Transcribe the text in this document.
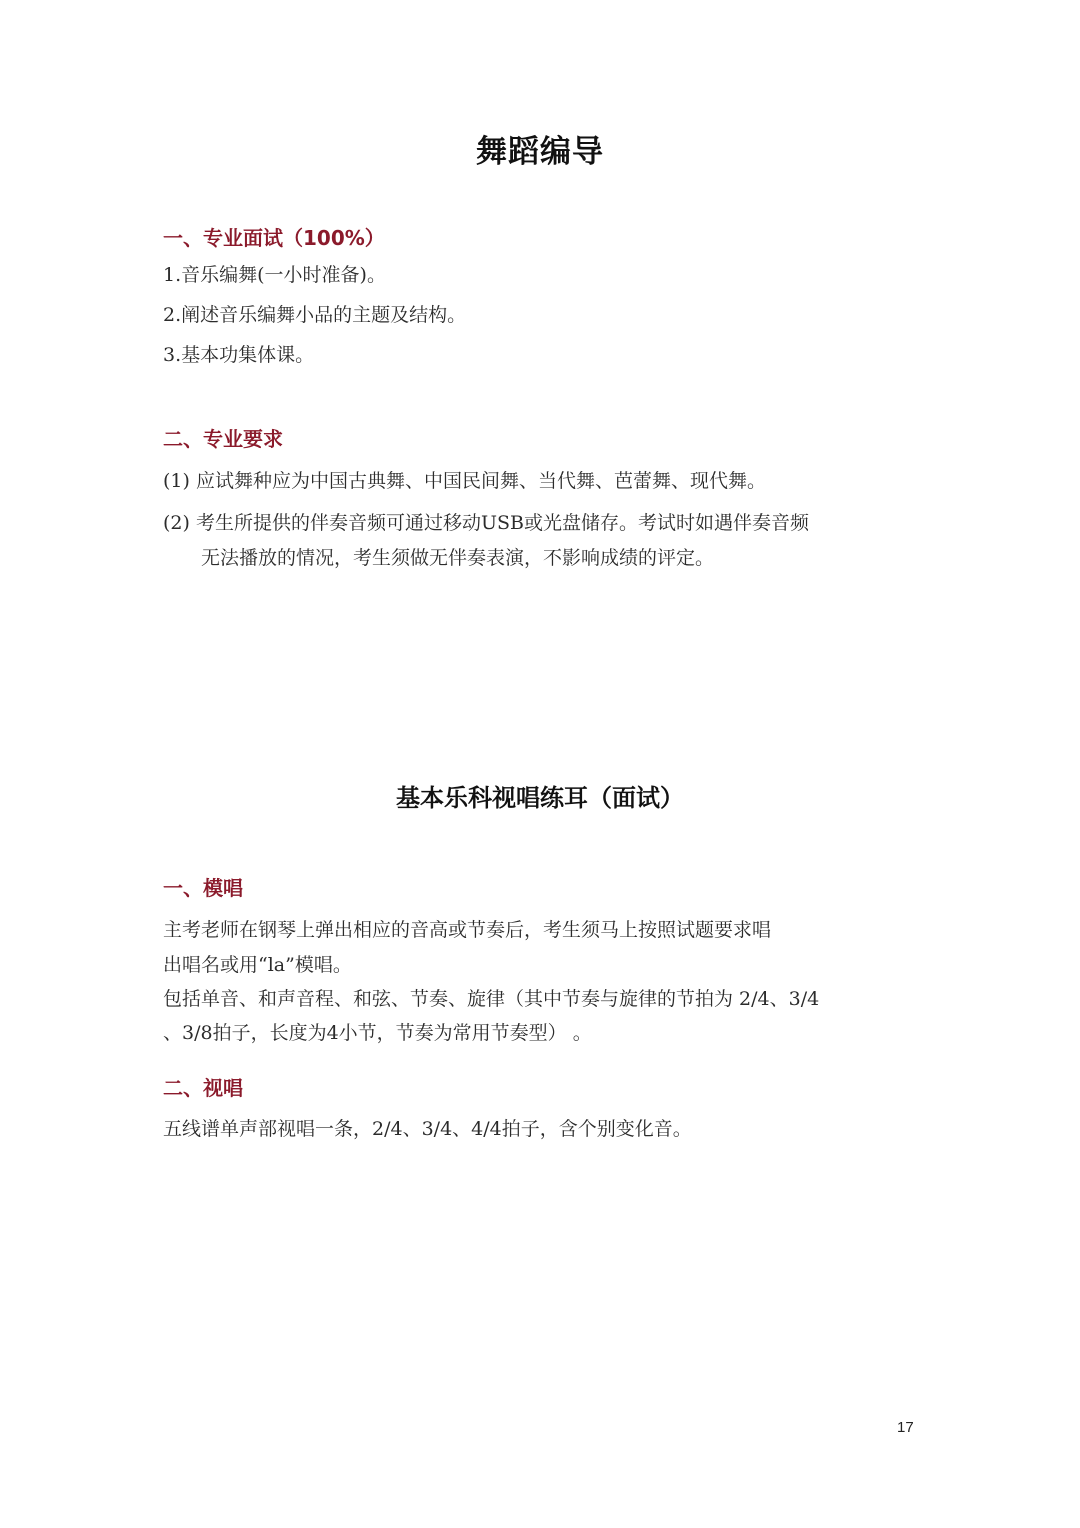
舞蹈编导
一、专业面试（100%）
1.音乐编舞(一小时准备)。
2.阐述音乐编舞小品的主题及结构。
3.基本功集体课。
二、专业要求
(1) 应试舞种应为中国古典舞、中国民间舞、当代舞、芭蕾舞、现代舞。
(2) 考生所提供的伴奏音频可通过移动USB或光盘储存。考试时如遇伴奏音频
无法播放的情况，考生须做无伴奏表演，不影响成绩的评定。
基本乐科视唱练耳（面试）
一、模唱
主考老师在钢琴上弹出相应的音高或节奏后，考生须马上按照试题要求唱
出唱名或用“la”模唱。
包括单音、和声音程、和弦、节奏、旋律（其中节奏与旋律的节拍为 2/4、3/4
、3/8拍子，长度为4小节，节奏为常用节奏型） 。
二、视唱
五线谱单声部视唱一条，2/4、3/4、4/4拍子，含个别变化音。
17
